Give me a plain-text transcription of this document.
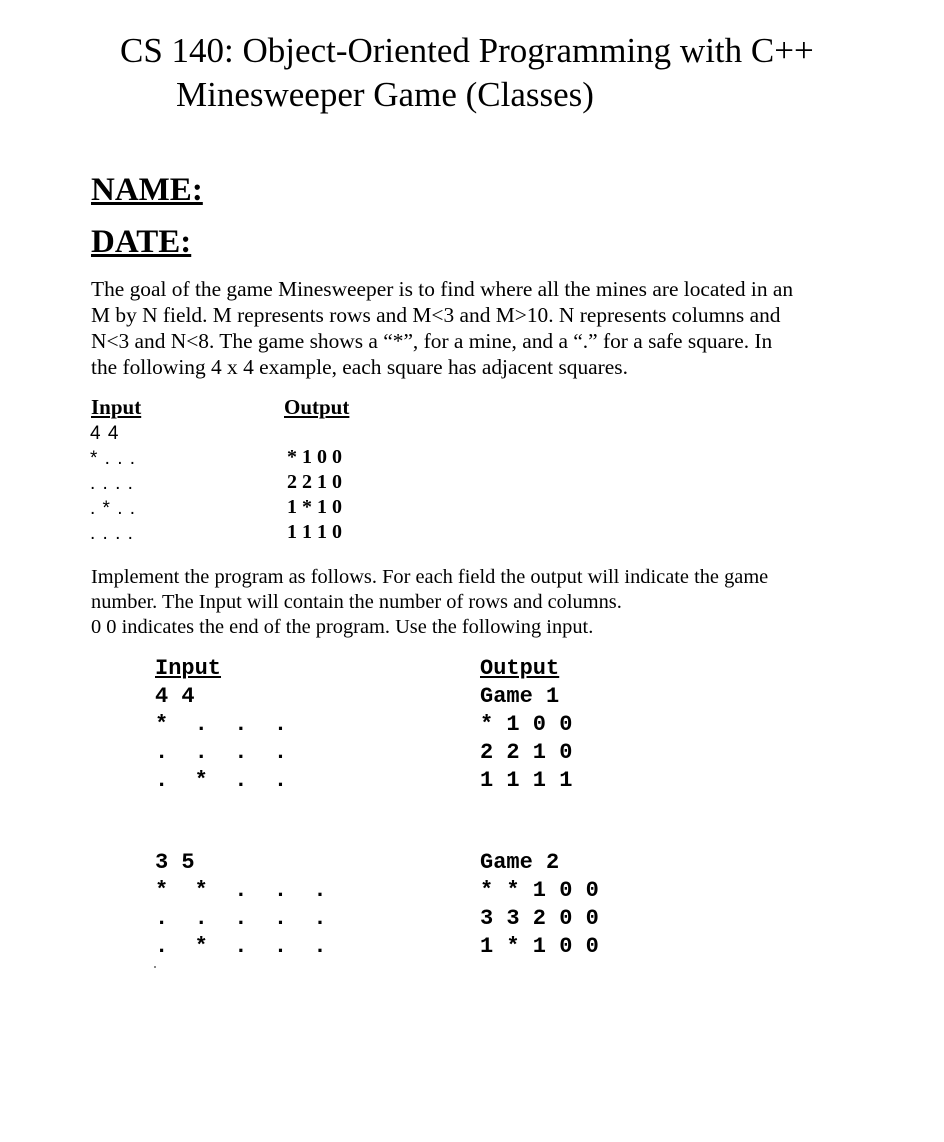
CS 140: Object-Oriented Programming with C++
Minesweeper Game (Classes)
NAME:
DATE:
The goal of the game Minesweeper is to find where all the mines are located in an
M by N field. M represents rows and M<3 and M>10. N represents columns and
N<3 and N<8. The game shows a “*”, for a mine, and a “.” for a safe square. In
the following 4 x 4 example, each square has adjacent squares.
Input	Output
4 4
* . . .
. . . .
. * . .
. . . .
* 1 0 0
2 2 1 0
1 * 1 0
1 1 1 0
Implement the program as follows. For each field the output will indicate the game
number. The Input will contain the number of rows and columns.
0 0 indicates the end of the program. Use the following input.
Input
4 4
*  .  .  .
.  .  .  .
.  *  .  .
Output
Game 1
* 1 0 0
2 2 1 0
1 1 1 1
3 5
*  *  .  .  .
.  .  .  .  .
.  *  .  .  .
Game 2
* * 1 0 0
3 3 2 0 0
1 * 1 0 0
